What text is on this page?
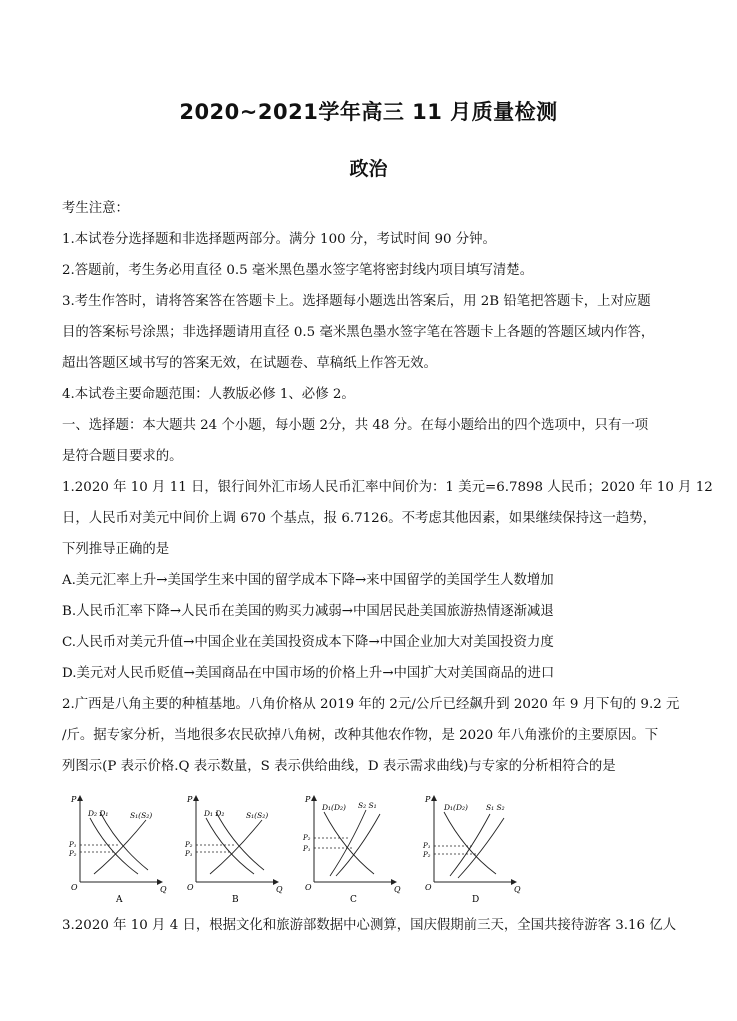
2020~2021学年高三 11 月质量检测
政治
考生注意：
1.本试卷分选择题和非选择题两部分。满分 100 分，考试时间 90 分钟。
2.答题前，考生务必用直径 0.5 毫米黑色墨水签字笔将密封线内项目填写清楚。
3.考生作答时，请将答案答在答题卡上。选择题每小题选出答案后，用 2B 铅笔把答题卡，上对应题
目的答案标号涂黑；非选择题请用直径 0.5 毫米黑色墨水签字笔在答题卡上各题的答题区域内作答，
超出答题区域书写的答案无效，在试题卷、草稿纸上作答无效。
4.本试卷主要命题范围：人教版必修 1、必修 2。
一、选择题：本大题共 24 个小题，每小题 2分，共 48 分。在每小题给出的四个选项中，只有一项
是符合题目要求的。
1.2020 年 10 月 11 日，银行间外汇市场人民币汇率中间价为：1 美元=6.7898 人民币；2020 年 10 月 12
日，人民币对美元中间价上调 670 个基点，报 6.7126。不考虑其他因素，如果继续保持这一趋势，
下列推导正确的是
A.美元汇率上升→美国学生来中国的留学成本下降→来中国留学的美国学生人数增加
B.人民币汇率下降→人民币在美国的购买力减弱→中国居民赴美国旅游热情逐渐减退
C.人民币对美元升值→中国企业在美国投资成本下降→中国企业加大对美国投资力度
D.美元对人民币贬值→美国商品在中国市场的价格上升→中国扩大对美国商品的进口
2.广西是八角主要的种植基地。八角价格从 2019 年的 2元/公斤已经飙升到 2020 年 9 月下旬的 9.2 元
/斤。据专家分析，当地很多农民砍掉八角树，改种其他农作物，是 2020 年八角涨价的主要原因。下
列图示(P 表示价格.Q 表示数量，S 表示供给曲线，D 表示需求曲线)与专家的分析相符合的是
P
Q
O
D₂ D₁	S₁(S₂)
P₁
P₂
A
P
Q
O
D₁ D₂	S₁(S₂)
P₂
P₁
B
P
Q
O
D₁(D₂) S₂ S₁
P₂
P₁
C
P
Q
O
D₁(D₂) S₁ S₂
P₁
P₂
D
3.2020 年 10 月 4 日，根据文化和旅游部数据中心测算，国庆假期前三天，全国共接待游客 3.16 亿人
